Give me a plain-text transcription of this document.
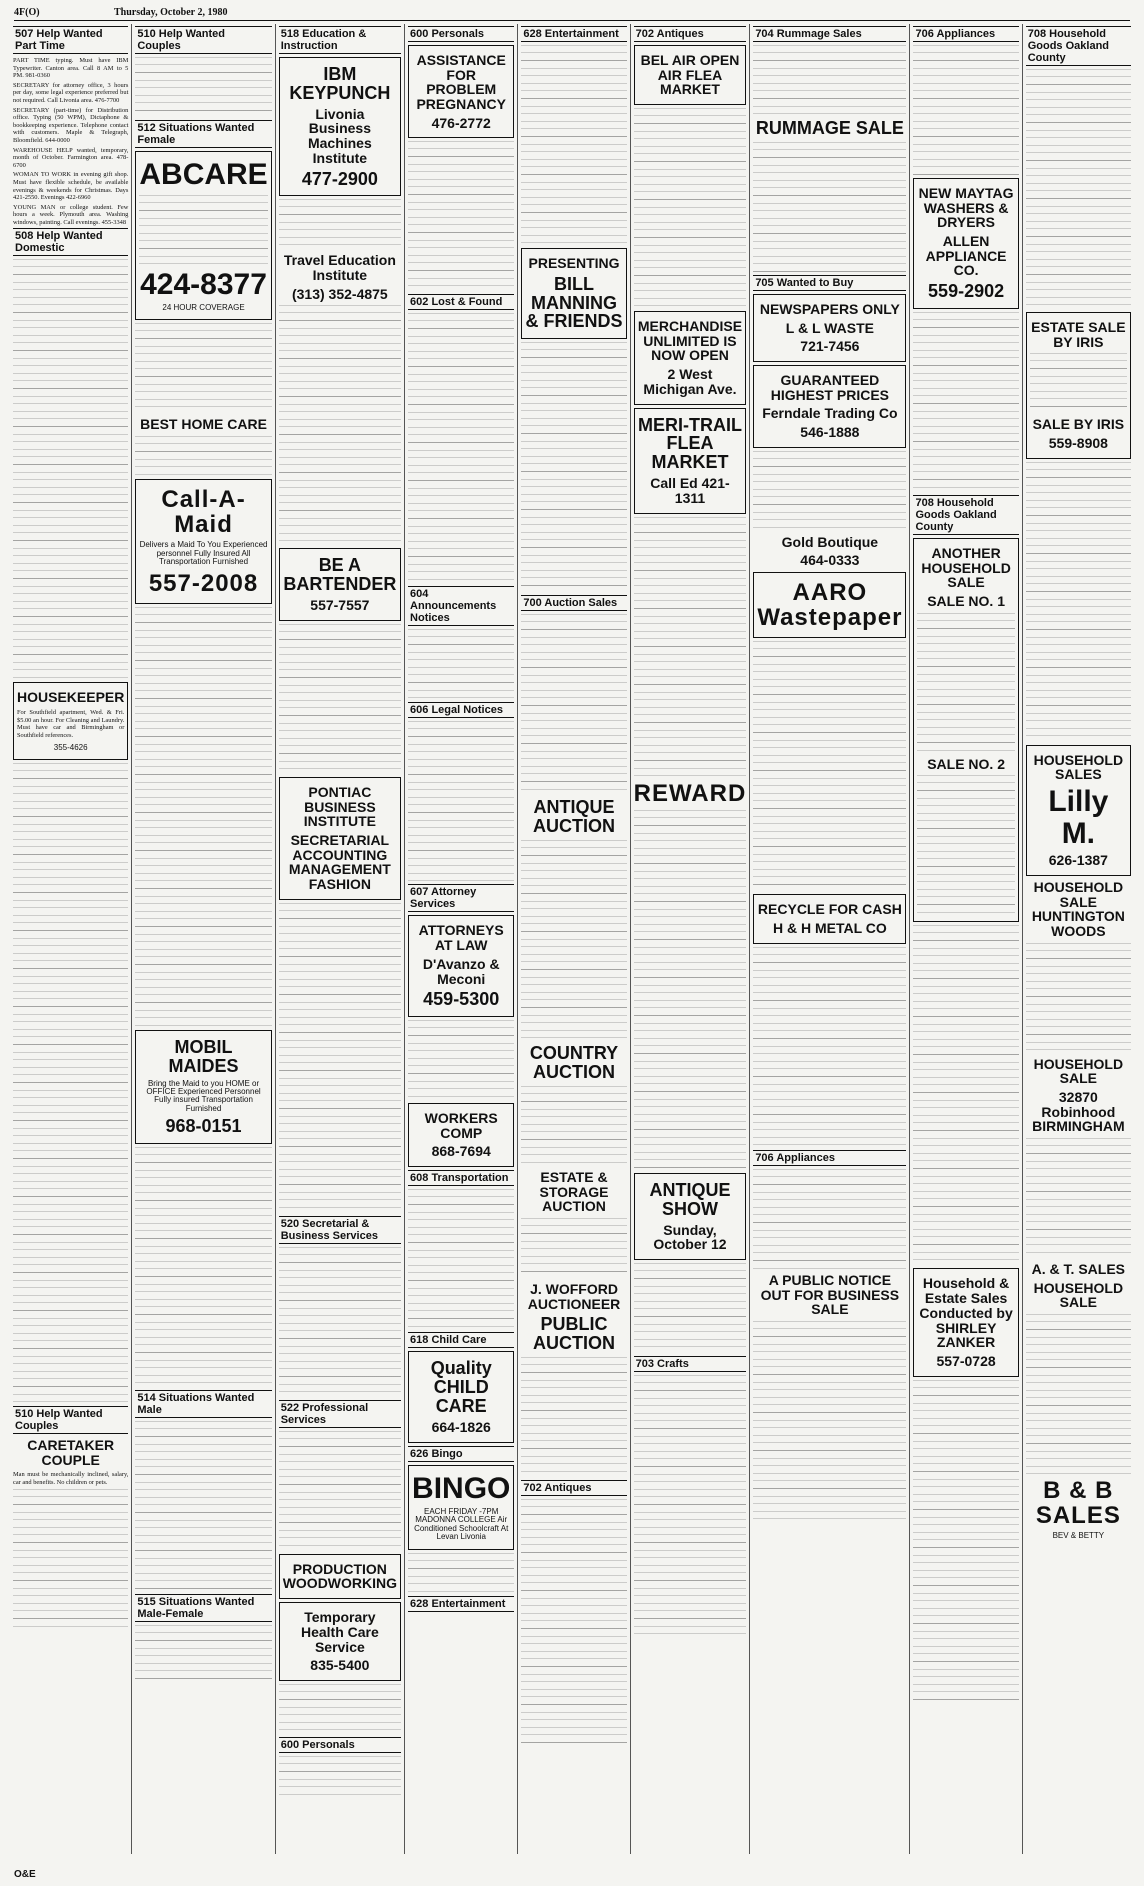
4F(O)	Thursday, October 2, 1980
507 Help Wanted Part Time

PART TIME typing. Must have IBM Typewriter. Canton area. Call 8 AM to 5 PM. 981-0360

SECRETARY for attorney office, 3 hours per day, some legal experience preferred but not required. Call Livonia area. 476-7700

SECRETARY (part-time) for Distribution office. Typing (50 WPM), Dictaphone & bookkeeping experience. Telephone contact with customers. Maple & Telegraph, Bloomfield. 644-0000

WAREHOUSE HELP wanted, temporary, month of October. Farmington area. 478-6700

WOMAN TO WORK in evening gift shop. Must have flexible schedule, be available evenings & weekends for Christmas. Days 421-2550. Evenings 422-6960

YOUNG MAN or college student. Few hours a week. Plymouth area. Washing windows, painting. Call evenings. 455-3348

508 Help Wanted Domestic
HOUSEKEEPER

For Southfield apartment, Wed. & Fri. $5.00 an hour. For Cleaning and Laundry. Must have car and Birmingham or Southfield references.

355-4626
510 Help Wanted Couples
CARETAKER COUPLE

Man must be mechanically inclined, salary, car and benefits. No children or pets.

510 Help Wanted Couples
512 Situations Wanted Female
ABCARE
424-8377
24 HOUR COVERAGE
BEST HOME CARE
Call-A-Maid
Delivers a Maid To You Experienced personnel Fully Insured All Transportation Furnished
557-2008
MOBIL MAIDES
Bring the Maid to you HOME or OFFICE Experienced Personnel Fully insured Transportation Furnished
968-0151
514 Situations Wanted Male
515 Situations Wanted Male-Female
518 Education & Instruction
IBM KEYPUNCH
Livonia Business Machines Institute
477-2900
Travel Education Institute
(313) 352-4875
BE A BARTENDER
557-7557
PONTIAC BUSINESS INSTITUTE
SECRETARIAL ACCOUNTING MANAGEMENT FASHION
520 Secretarial & Business Services
522 Professional Services
PRODUCTION WOODWORKING
Temporary Health Care Service
835-5400
600 Personals
600 Personals
ASSISTANCE FOR PROBLEM PREGNANCY
476-2772
602 Lost & Found
604 Announcements Notices
606 Legal Notices
607 Attorney Services
ATTORNEYS AT LAW
D'Avanzo & Meconi
459-5300
WORKERS COMP
868-7694
608 Transportation
618 Child Care
Quality CHILD CARE
664-1826
626 Bingo
BINGO
EACH FRIDAY -7PM MADONNA COLLEGE Air Conditioned Schoolcraft At Levan Livonia
628 Entertainment
628 Entertainment
PRESENTING
BILL MANNING & FRIENDS
700 Auction Sales
ANTIQUE AUCTION
COUNTRY AUCTION
ESTATE & STORAGE AUCTION
J. WOFFORD AUCTIONEER
PUBLIC AUCTION
702 Antiques
702 Antiques
BEL AIR OPEN AIR FLEA MARKET
MERCHANDISE UNLIMITED IS NOW OPEN
2 West Michigan Ave.
MERI-TRAIL FLEA MARKET
Call Ed 421-1311
REWARD
ANTIQUE SHOW
Sunday, October 12
703 Crafts
704 Rummage Sales
RUMMAGE SALE
705 Wanted to Buy
NEWSPAPERS ONLY
L & L WASTE
721-7456
GUARANTEED HIGHEST PRICES
Ferndale Trading Co
546-1888
Gold Boutique
464-0333
AARO Wastepaper
RECYCLE FOR CASH
H & H METAL CO
706 Appliances
A PUBLIC NOTICE OUT FOR BUSINESS SALE
706 Appliances
NEW MAYTAG WASHERS & DRYERS
ALLEN APPLIANCE CO.
559-2902
708 Household Goods Oakland County
ANOTHER HOUSEHOLD SALE
SALE NO. 1
SALE NO. 2
Household & Estate Sales Conducted by SHIRLEY ZANKER
557-0728
708 Household Goods Oakland County
ESTATE SALE BY IRIS
SALE BY IRIS
559-8908
HOUSEHOLD SALES
Lilly M.
626-1387
HOUSEHOLD SALE HUNTINGTON WOODS
HOUSEHOLD SALE
32870 Robinhood BIRMINGHAM
A. & T. SALES
HOUSEHOLD SALE
B & B SALES
BEV & BETTY
O&E
